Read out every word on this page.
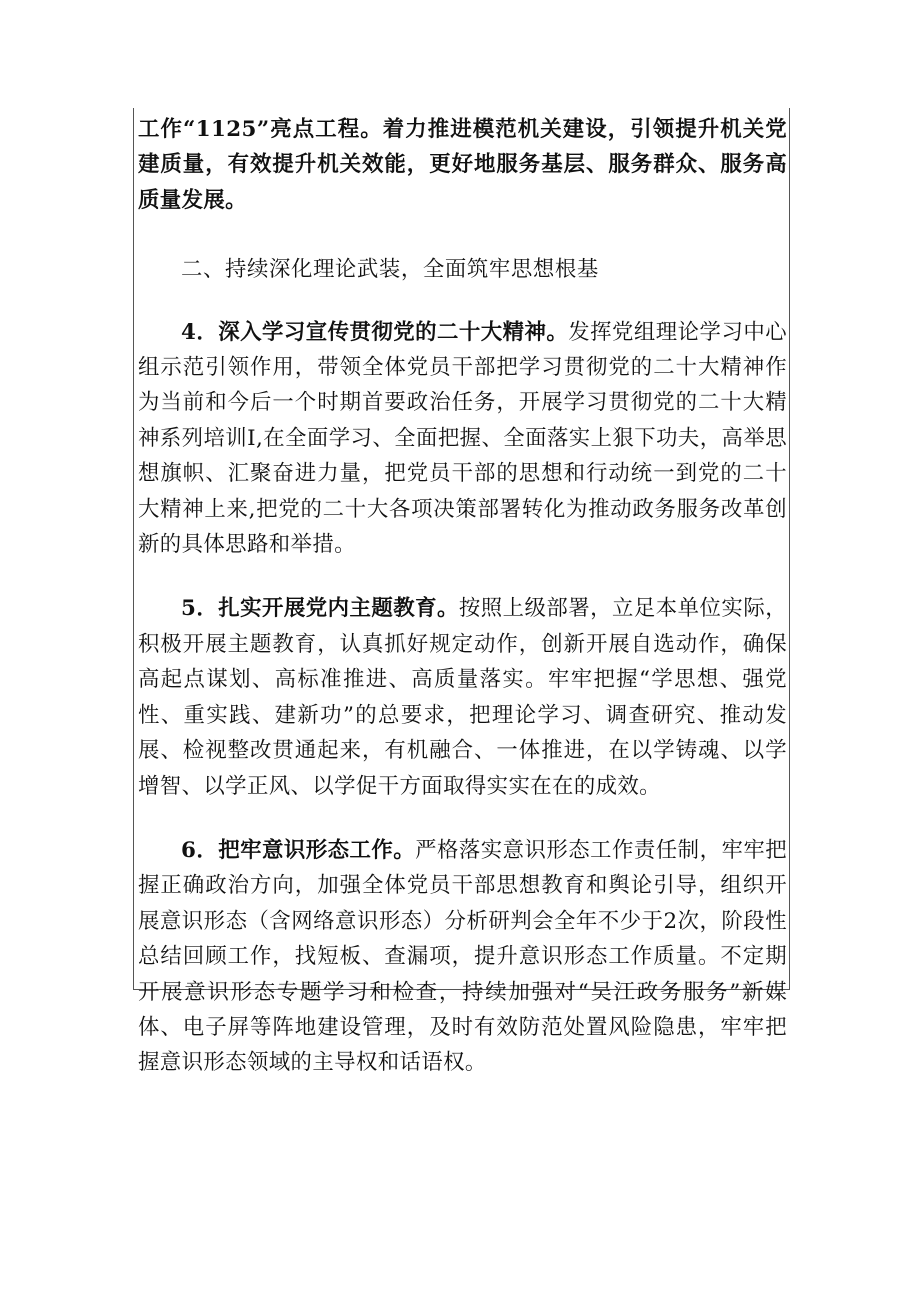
工作“1125”亮点工程。着力推进模范机关建设，引领提升机关党建质量，有效提升机关效能，更好地服务基层、服务群众、服务高质量发展。

二、持续深化理论武装，全面筑牢思想根基

4．深入学习宣传贯彻党的二十大精神。发挥党组理论学习中心组示范引领作用，带领全体党员干部把学习贯彻党的二十大精神作为当前和今后一个时期首要政治任务，开展学习贯彻党的二十大精神系列培训I,在全面学习、全面把握、全面落实上狠下功夫，高举思想旗帜、汇聚奋进力量，把党员干部的思想和行动统一到党的二十大精神上来,把党的二十大各项决策部署转化为推动政务服务改革创新的具体思路和举措。

5．扎实开展党内主题教育。按照上级部署，立足本单位实际，积极开展主题教育，认真抓好规定动作，创新开展自选动作，确保高起点谋划、高标准推进、高质量落实。牢牢把握“学思想、强党性、重实践、建新功”的总要求，把理论学习、调查研究、推动发展、检视整改贯通起来，有机融合、一体推进，在以学铸魂、以学增智、以学正风、以学促干方面取得实实在在的成效。

6．把牢意识形态工作。严格落实意识形态工作责任制，牢牢把握正确政治方向，加强全体党员干部思想教育和舆论引导，组织开展意识形态（含网络意识形态）分析研判会全年不少于2次，阶段性总结回顾工作，找短板、查漏项，提升意识形态工作质量。不定期开展意识形态专题学习和检查，持续加强对“吴江政务服务”新媒体、电子屏等阵地建设管理，及时有效防范处置风险隐患，牢牢把握意识形态领域的主导权和话语权。
